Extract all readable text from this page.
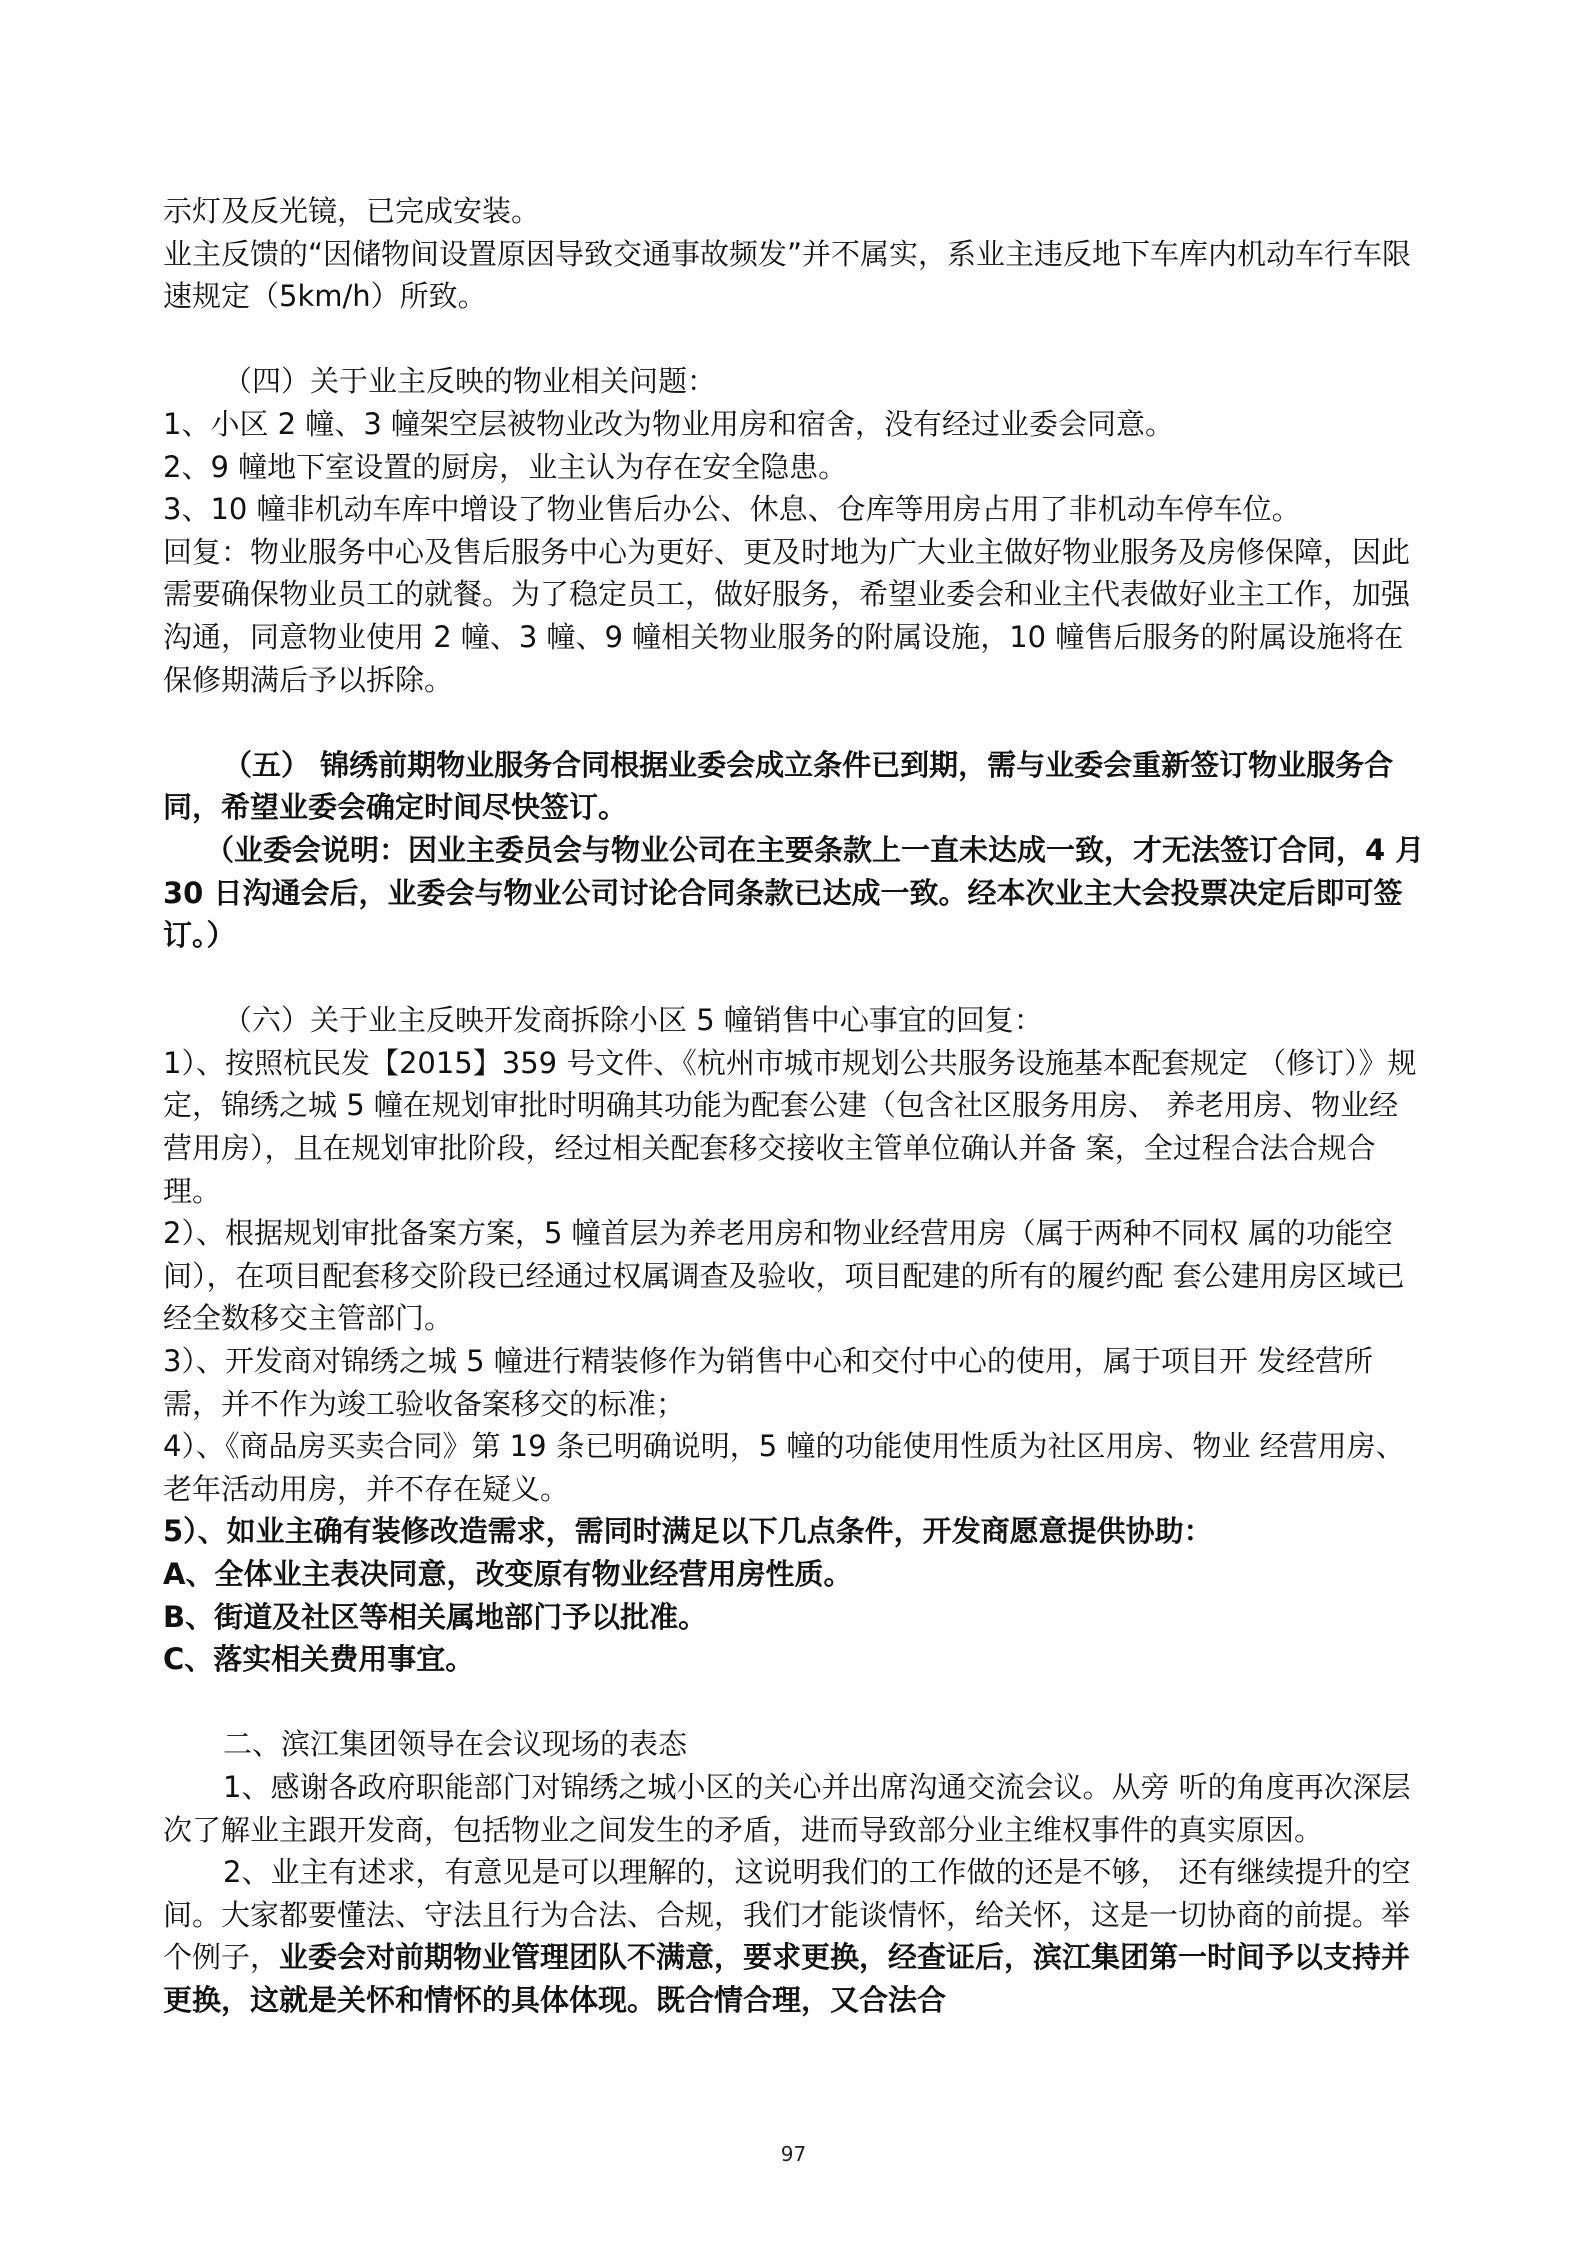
示灯及反光镜，已完成安装。

业主反馈的“因储物间设置原因导致交通事故频发”并不属实，系业主违反地下车库内机动车行车限速规定（5km/h）所致。

（四）关于业主反映的物业相关问题：

1、小区 2 幢、3 幢架空层被物业改为物业用房和宿舍，没有经过业委会同意。

2、9 幢地下室设置的厨房，业主认为存在安全隐患。

3、10 幢非机动车库中增设了物业售后办公、休息、仓库等用房占用了非机动车停车位。

回复：物业服务中心及售后服务中心为更好、更及时地为广大业主做好物业服务及房修保障，因此需要确保物业员工的就餐。为了稳定员工，做好服务，希望业委会和业主代表做好业主工作，加强沟通，同意物业使用 2 幢、3 幢、9 幢相关物业服务的附属设施，10 幢售后服务的附属设施将在保修期满后予以拆除。

（五） 锦绣前期物业服务合同根据业委会成立条件已到期，需与业委会重新签订物业服务合同，希望业委会确定时间尽快签订。

（业委会说明：因业主委员会与物业公司在主要条款上一直未达成一致，才无法签订合同，4 月 30 日沟通会后，业委会与物业公司讨论合同条款已达成一致。经本次业主大会投票决定后即可签订。）

（六）关于业主反映开发商拆除小区 5 幢销售中心事宜的回复：

1）、按照杭民发【2015】359 号文件、《杭州市城市规划公共服务设施基本配套规定 （修订）》规定，锦绣之城 5 幢在规划审批时明确其功能为配套公建（包含社区服务用房、 养老用房、物业经营用房），且在规划审批阶段，经过相关配套移交接收主管单位确认并备 案，全过程合法合规合理。

2）、根据规划审批备案方案，5 幢首层为养老用房和物业经营用房（属于两种不同权 属的功能空间），在项目配套移交阶段已经通过权属调查及验收，项目配建的所有的履约配 套公建用房区域已经全数移交主管部门。

3）、开发商对锦绣之城 5 幢进行精装修作为销售中心和交付中心的使用，属于项目开 发经营所需，并不作为竣工验收备案移交的标准；

4）、《商品房买卖合同》第 19 条已明确说明，5 幢的功能使用性质为社区用房、物业 经营用房、老年活动用房，并不存在疑义。

5）、如业主确有装修改造需求，需同时满足以下几点条件，开发商愿意提供协助：

A、全体业主表决同意，改变原有物业经营用房性质。

B、街道及社区等相关属地部门予以批准。

C、落实相关费用事宜。

二、滨江集团领导在会议现场的表态

1、感谢各政府职能部门对锦绣之城小区的关心并出席沟通交流会议。从旁 听的角度再次深层次了解业主跟开发商，包括物业之间发生的矛盾，进而导致部分业主维权事件的真实原因。

2、业主有述求，有意见是可以理解的，这说明我们的工作做的还是不够， 还有继续提升的空间。大家都要懂法、守法且行为合法、合规，我们才能谈情怀，给关怀，这是一切协商的前提。举个例子，业委会对前期物业管理团队不满意，要求更换，经查证后，滨江集团第一时间予以支持并更换，这就是关怀和情怀的具体体现。既合情合理，又合法合

97
